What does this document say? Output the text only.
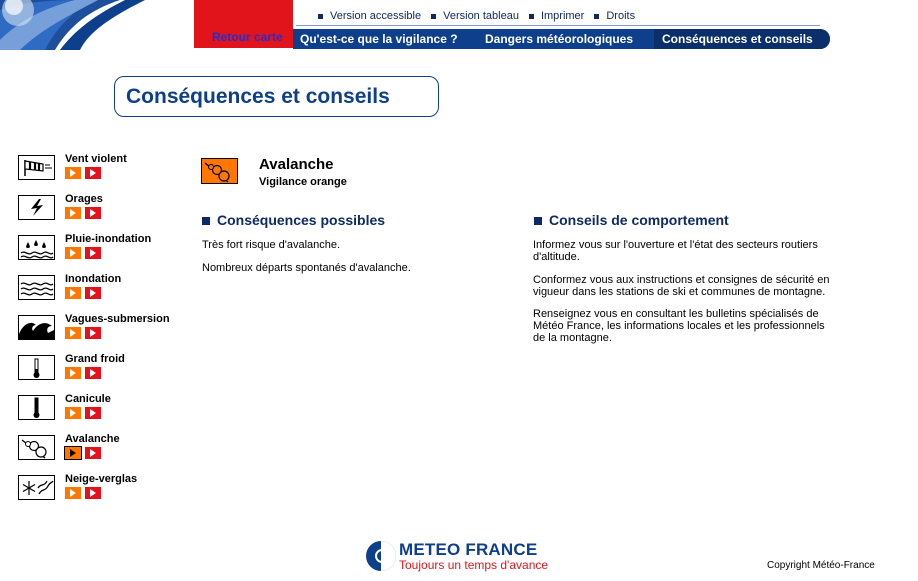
Retour carte
Version accessible Version tableau Imprimer Droits
Qu'est-ce que la vigilance ?	Dangers météorologiques	Conséquences et conseils
Conséquences et conseils
Vent violent
Orages
Pluie-inondation
Inondation
Vagues-submersion
Grand froid
Canicule
Avalanche
Neige-verglas
Avalanche
Vigilance orange
Conséquences possibles
Très fort risque d'avalanche.
Nombreux départs spontanés d'avalanche.
Conseils de comportement
Informez vous sur l'ouverture et l'état des secteurs routiers d'altitude.
Conformez vous aux instructions et consignes de sécurité en vigueur dans les stations de ski et communes de montagne.
Renseignez vous en consultant les bulletins spécialisés de Météo France, les informations locales et les professionnels de la montagne.
METEO FRANCE
Toujours un temps d'avance	Copyright Météo-France
